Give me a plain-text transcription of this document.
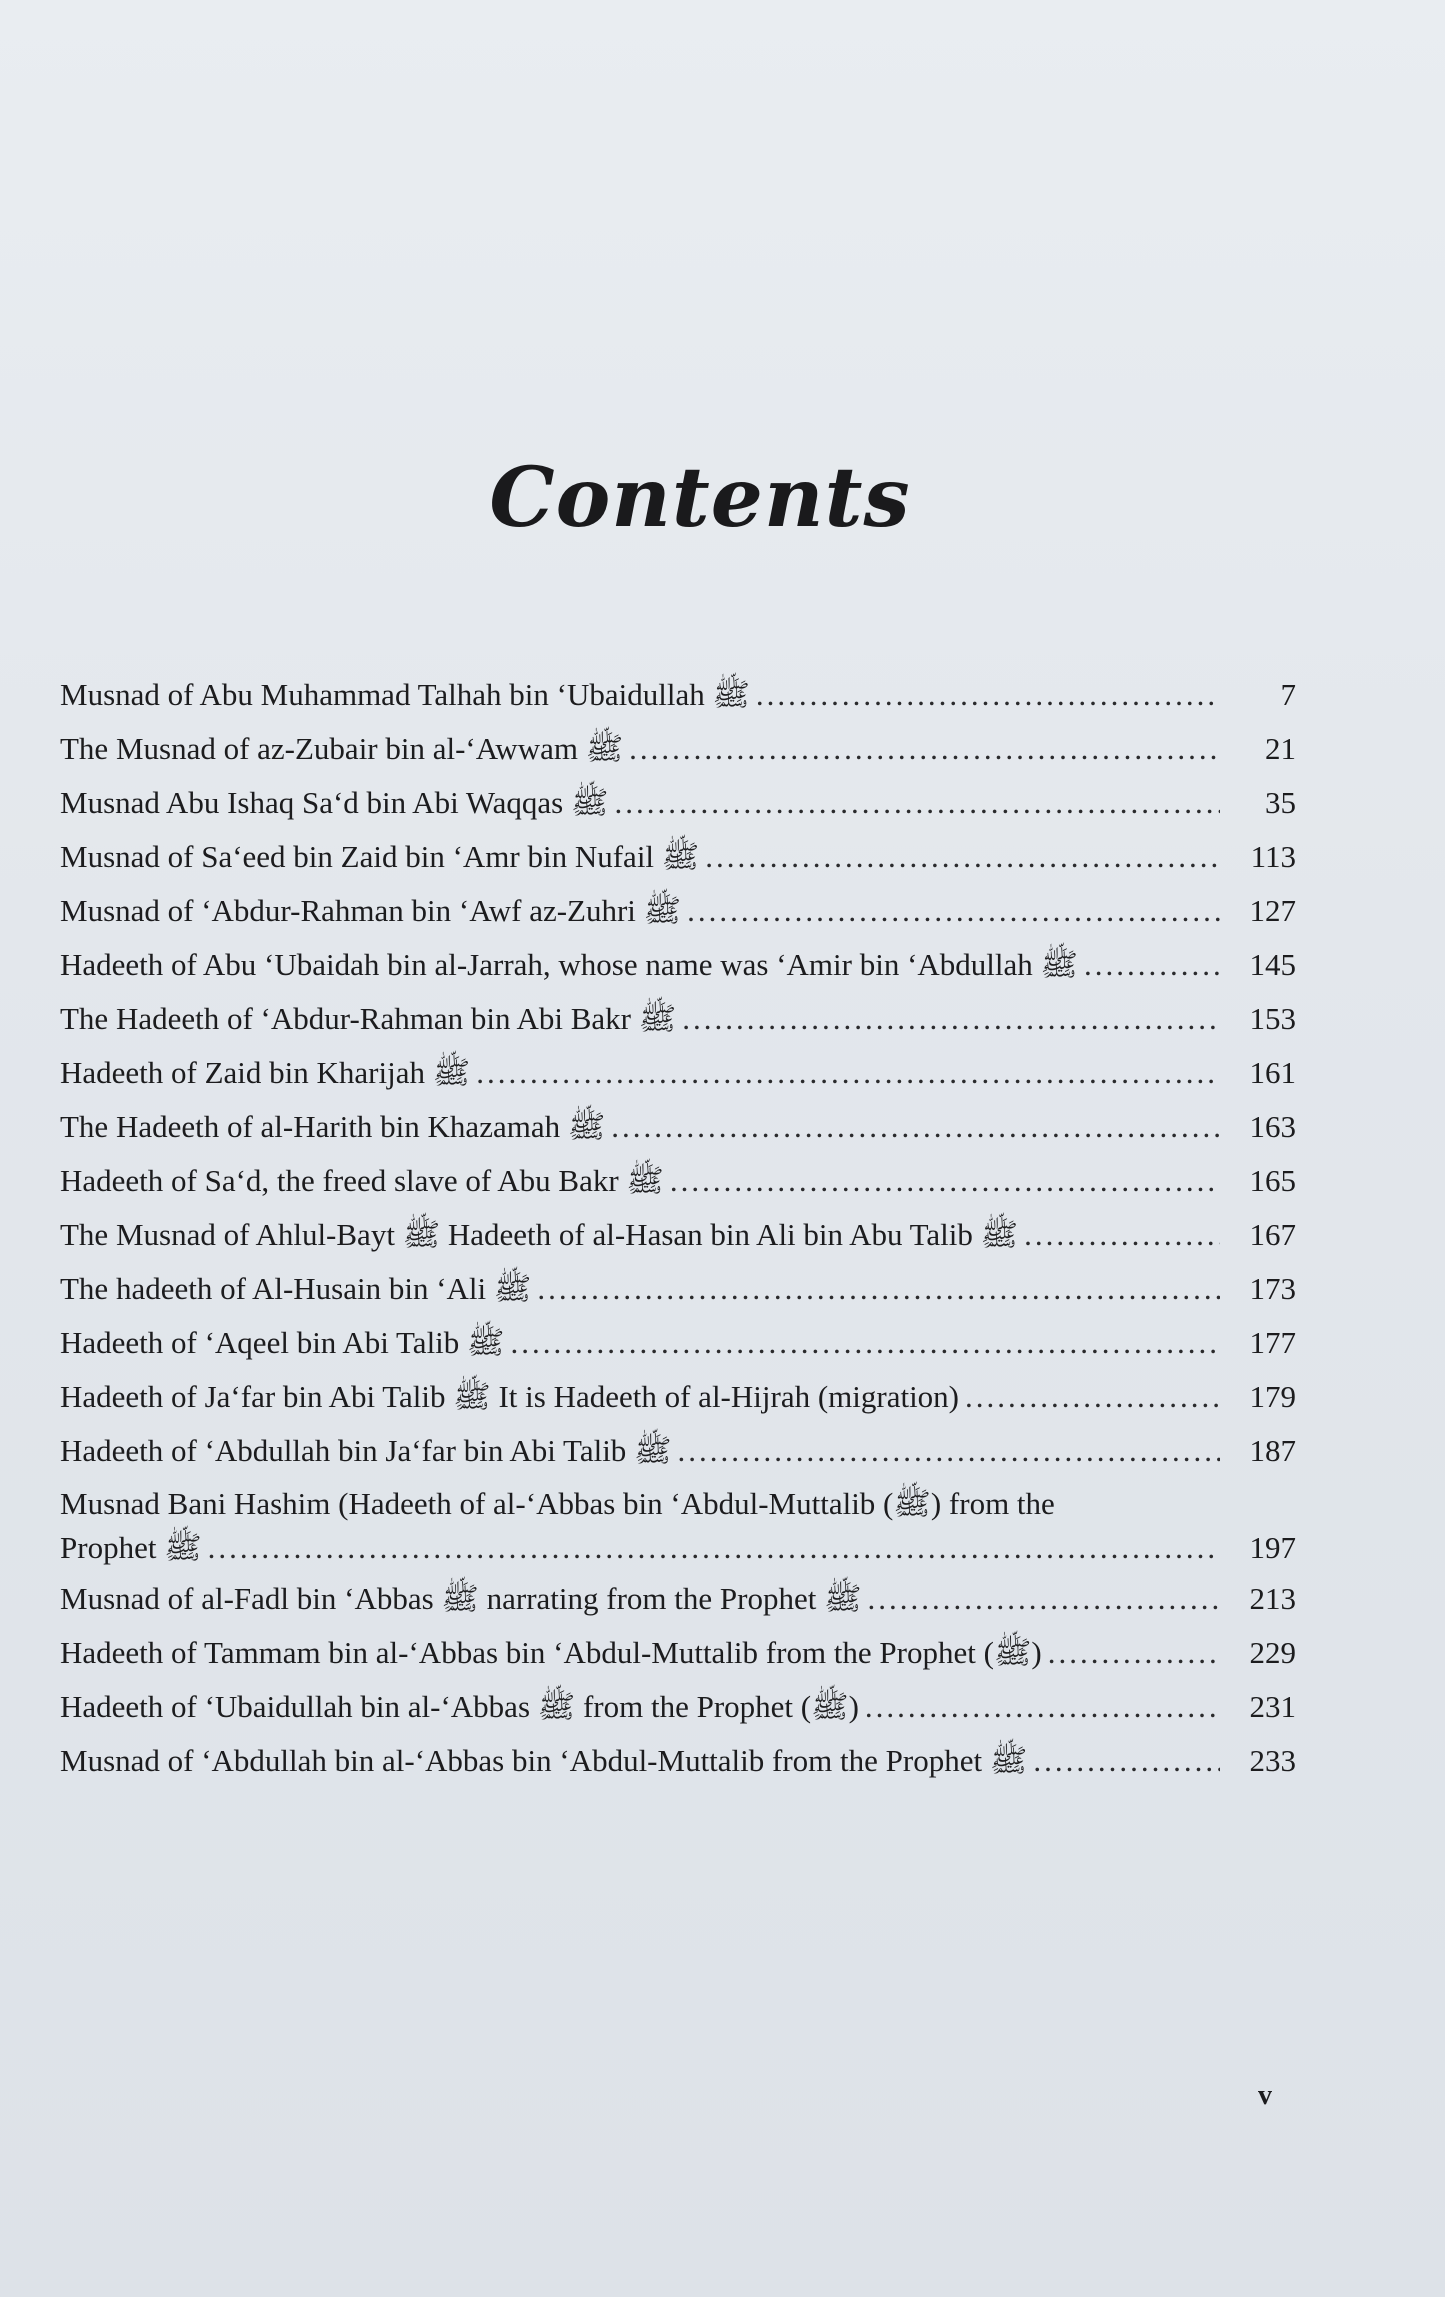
Contents
Musnad of Abu Muhammad Talhah bin ‘Ubaidullah ﷺ .....	7
The Musnad of az-Zubair bin al-‘Awwam ﷺ .....	21
Musnad Abu Ishaq Sa‘d bin Abi Waqqas ﷺ .....	35
Musnad of Sa‘eed bin Zaid bin ‘Amr bin Nufail ﷺ .....	113
Musnad of ‘Abdur-Rahman bin ‘Awf az-Zuhri ﷺ .....	127
Hadeeth of Abu ‘Ubaidah bin al-Jarrah, whose name was ‘Amir bin ‘Abdullah ﷺ .....	145
The Hadeeth of ‘Abdur-Rahman bin Abi Bakr ﷺ .....	153
Hadeeth of Zaid bin Kharijah ﷺ .....	161
The Hadeeth of al-Harith bin Khazamah ﷺ .....	163
Hadeeth of Sa‘d, the freed slave of Abu Bakr ﷺ .....	165
The Musnad of Ahlul-Bayt ﷺ Hadeeth of al-Hasan bin Ali bin Abu Talib ﷺ .....	167
The hadeeth of Al-Husain bin ‘Ali ﷺ .....	173
Hadeeth of ‘Aqeel bin Abi Talib ﷺ .....	177
Hadeeth of Ja‘far bin Abi Talib ﷺ It is Hadeeth of al-Hijrah (migration) .....	179
Hadeeth of ‘Abdullah bin Ja‘far bin Abi Talib ﷺ .....	187
Musnad Bani Hashim (Hadeeth of al-‘Abbas bin ‘Abdul-Muttalib (ﷺ) from the
Prophet ﷺ .....	197
Musnad of al-Fadl bin ‘Abbas ﷺ narrating from the Prophet ﷺ .....	213
Hadeeth of Tammam bin al-‘Abbas bin ‘Abdul-Muttalib from the Prophet (ﷺ) .....	229
Hadeeth of ‘Ubaidullah bin al-‘Abbas ﷺ from the Prophet (ﷺ) .....	231
Musnad of ‘Abdullah bin al-‘Abbas bin ‘Abdul-Muttalib from the Prophet ﷺ .....	233
v
